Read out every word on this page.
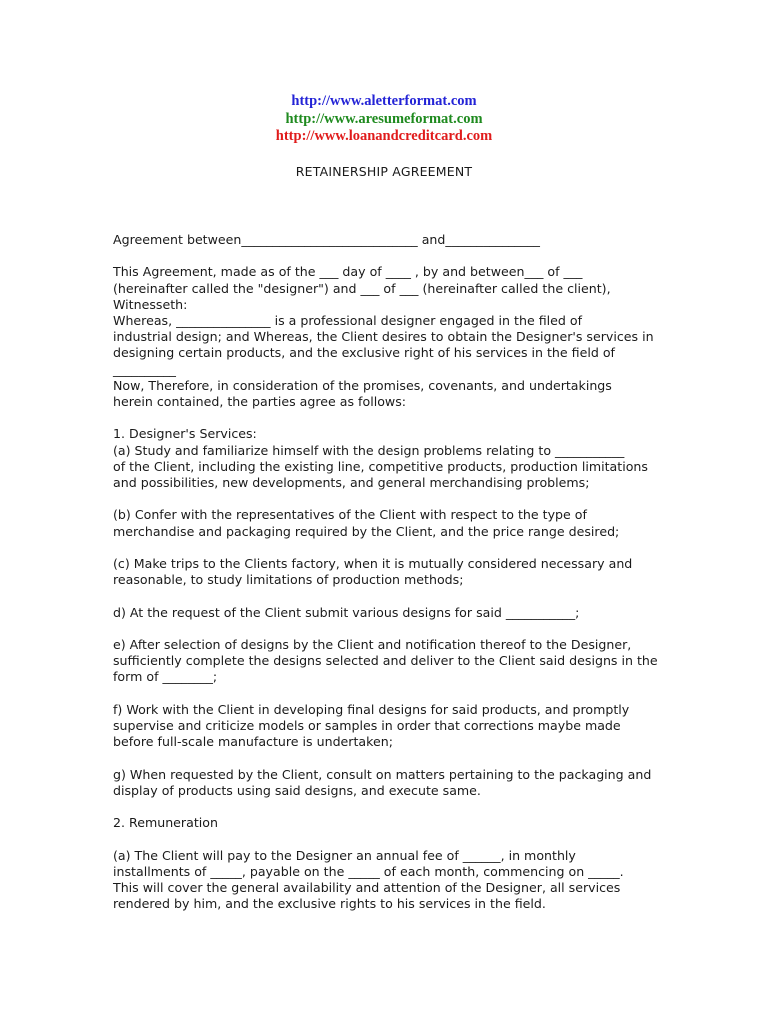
http://www.aletterformat.com
http://www.aresumeformat.com
http://www.loanandcreditcard.com
RETAINERSHIP AGREEMENT

Agreement between____________________________ and_______________

This Agreement, made as of the ___ day of ____ , by and between___ of ___
(hereinafter called the "designer") and ___ of ___ (hereinafter called the client),
Witnesseth:

Whereas, _______________ is a professional designer engaged in the filed of
industrial design; and Whereas, the Client desires to obtain the Designer's services in
designing certain products, and the exclusive right of his services in the field of
__________

Now, Therefore, in consideration of the promises, covenants, and undertakings
herein contained, the parties agree as follows:

1. Designer's Services:

(a) Study and familiarize himself with the design problems relating to ___________
of the Client, including the existing line, competitive products, production limitations
and possibilities, new developments, and general merchandising problems;

(b) Confer with the representatives of the Client with respect to the type of
merchandise and packaging required by the Client, and the price range desired;

(c) Make trips to the Clients factory, when it is mutually considered necessary and
reasonable, to study limitations of production methods;

d) At the request of the Client submit various designs for said ___________;

e) After selection of designs by the Client and notification thereof to the Designer,
sufficiently complete the designs selected and deliver to the Client said designs in the
form of ________;

f) Work with the Client in developing final designs for said products, and promptly
supervise and criticize models or samples in order that corrections maybe made
before full-scale manufacture is undertaken;

g) When requested by the Client, consult on matters pertaining to the packaging and
display of products using said designs, and execute same.

2. Remuneration

(a) The Client will pay to the Designer an annual fee of ______, in monthly
installments of _____, payable on the _____ of each month, commencing on _____.
This will cover the general availability and attention of the Designer, all services
rendered by him, and the exclusive rights to his services in the field.
